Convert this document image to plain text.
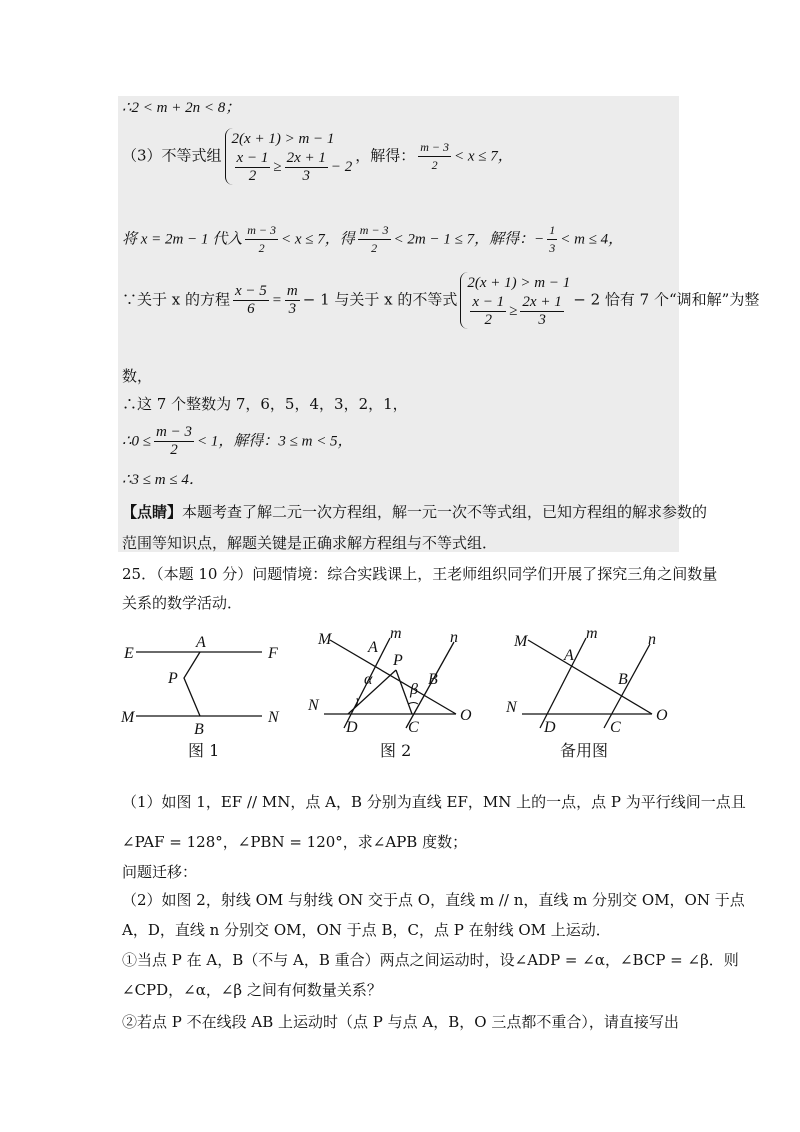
∴2 < m + 2n < 8；
（3）不等式组
2(x + 1) > m − 1
$\frac{x - 1}{2} \ge \frac{2x + 1}{3} - 2$
，解得： $\frac{m - 3}{2} < x \le 7$，
将 x = 2m − 1 代入 $\frac{m - 3}{2} < x \le 7$，得 $\frac{m - 3}{2} < 2m - 1 \le 7$，解得：− $\frac{1}{3} < m \le 4$，
∵关于 x 的方程 $\frac{x - 5}{6} = \frac{m}{3} - 1$ 与关于 x 的不等式
2(x + 1) > m − 1
$\frac{x - 1}{2} \ge \frac{2x + 1}{3} - 2$ 恰有 7 个“调和解”为整
数，
∴这 7 个整数为 7，6，5，4，3，2，1，
∴0 ≤ $\frac{m - 3}{2} < 1$，解得：3 ≤ m < 5，
∴3 ≤ m ≤ 4．
【点睛】本题考查了解二元一次方程组，解一元一次不等式组，已知方程组的解求参数的
范围等知识点，解题关键是正确求解方程组与不等式组．
25．（本题 10 分）问题情境：综合实践课上，王老师组织同学们开展了探究三角之间数量
关系的数学活动．
E	F
A
P
M
B
N
M	m	n
A
P
B
α
β
N
D	C
O
M	m	n
A
B
N
D	C
O
图 1	图 2	备用图
（1）如图 1，EF // MN，点 A，B 分别为直线 EF，MN 上的一点，点 P 为平行线间一点且
∠PAF = 128°，∠PBN = 120°，求∠APB 度数；
问题迁移：
（2）如图 2，射线 OM 与射线 ON 交于点 O，直线 m // n，直线 m 分别交 OM，ON 于点
A，D，直线 n 分别交 OM，ON 于点 B，C，点 P 在射线 OM 上运动．
①当点 P 在 A，B（不与 A，B 重合）两点之间运动时，设∠ADP = ∠α，∠BCP = ∠β．则
∠CPD，∠α，∠β 之间有何数量关系？
②若点 P 不在线段 AB 上运动时（点 P 与点 A，B，O 三点都不重合），请直接写出
